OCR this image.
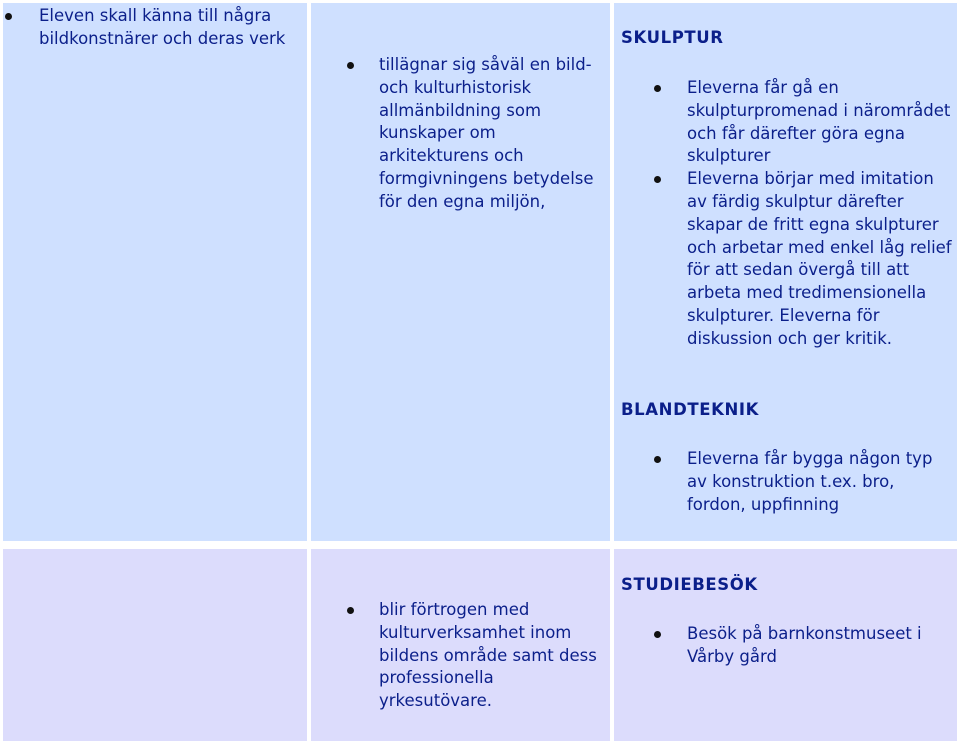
Eleven skall känna till några bildkonstnärer och deras verk
tillägnar sig såväl en bild- och kulturhistorisk allmänbildning som kunskaper om arkitekturens och formgivningens betydelse för den egna miljön,
SKULPTUR
Eleverna får gå en skulpturpromenad i närområdet och får därefter göra egna skulpturer
Eleverna börjar med imitation av färdig skulptur därefter skapar de fritt egna skulpturer och arbetar med enkel låg relief för att sedan övergå till att arbeta med tredimensionella skulpturer. Eleverna för diskussion och ger kritik.
BLANDTEKNIK
Eleverna får bygga någon typ av konstruktion t.ex. bro, fordon, uppfinning
blir förtrogen med kulturverksamhet inom bildens område samt dess professionella yrkesutövare.
STUDIEBESÖK
Besök på barnkonstmuseet i Vårby gård
